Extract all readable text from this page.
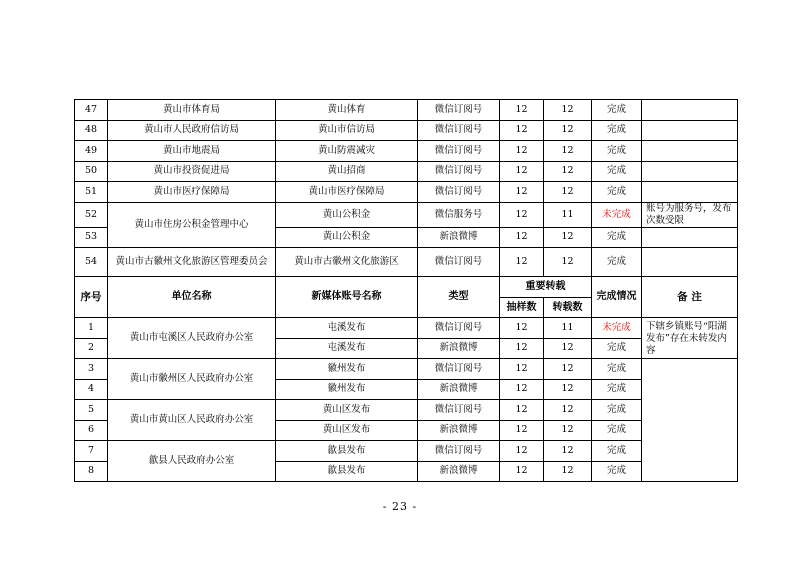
47	黄山市体育局	黄山体育	微信订阅号	12	12	完成	
48	黄山市人民政府信访局	黄山市信访局	微信订阅号	12	12	完成	
49	黄山市地震局	黄山防震减灾	微信订阅号	12	12	完成	
50	黄山市投资促进局	黄山招商	微信订阅号	12	12	完成	
51	黄山市医疗保障局	黄山市医疗保障局	微信订阅号	12	12	完成	
52	黄山市住房公积金管理中心	黄山公积金	微信服务号	12	11	未完成	账号为服务号，发布次数受限
53		黄山公积金	新浪微博	12	12	完成	
54	黄山市古徽州文化旅游区管理委员会	黄山市古徽州文化旅游区	微信订阅号	12	12	完成	
序号	单位名称	新媒体账号名称	类型	重要转载		完成情况	备 注
				抽样数	转载数		
1	黄山市屯溪区人民政府办公室	屯溪发布	微信订阅号	12	11	未完成	下辖乡镇账号“阳湖发布”存在未转发内容
2		屯溪发布	新浪微博	12	12	完成	
3	黄山市徽州区人民政府办公室	徽州发布	微信订阅号	12	12	完成	
4		徽州发布	新浪微博	12	12	完成	
5	黄山市黄山区人民政府办公室	黄山区发布	微信订阅号	12	12	完成	
6		黄山区发布	新浪微博	12	12	完成	
7	歙县人民政府办公室	歙县发布	微信订阅号	12	12	完成	
8		歙县发布	新浪微博	12	12	完成	
- 23 -
